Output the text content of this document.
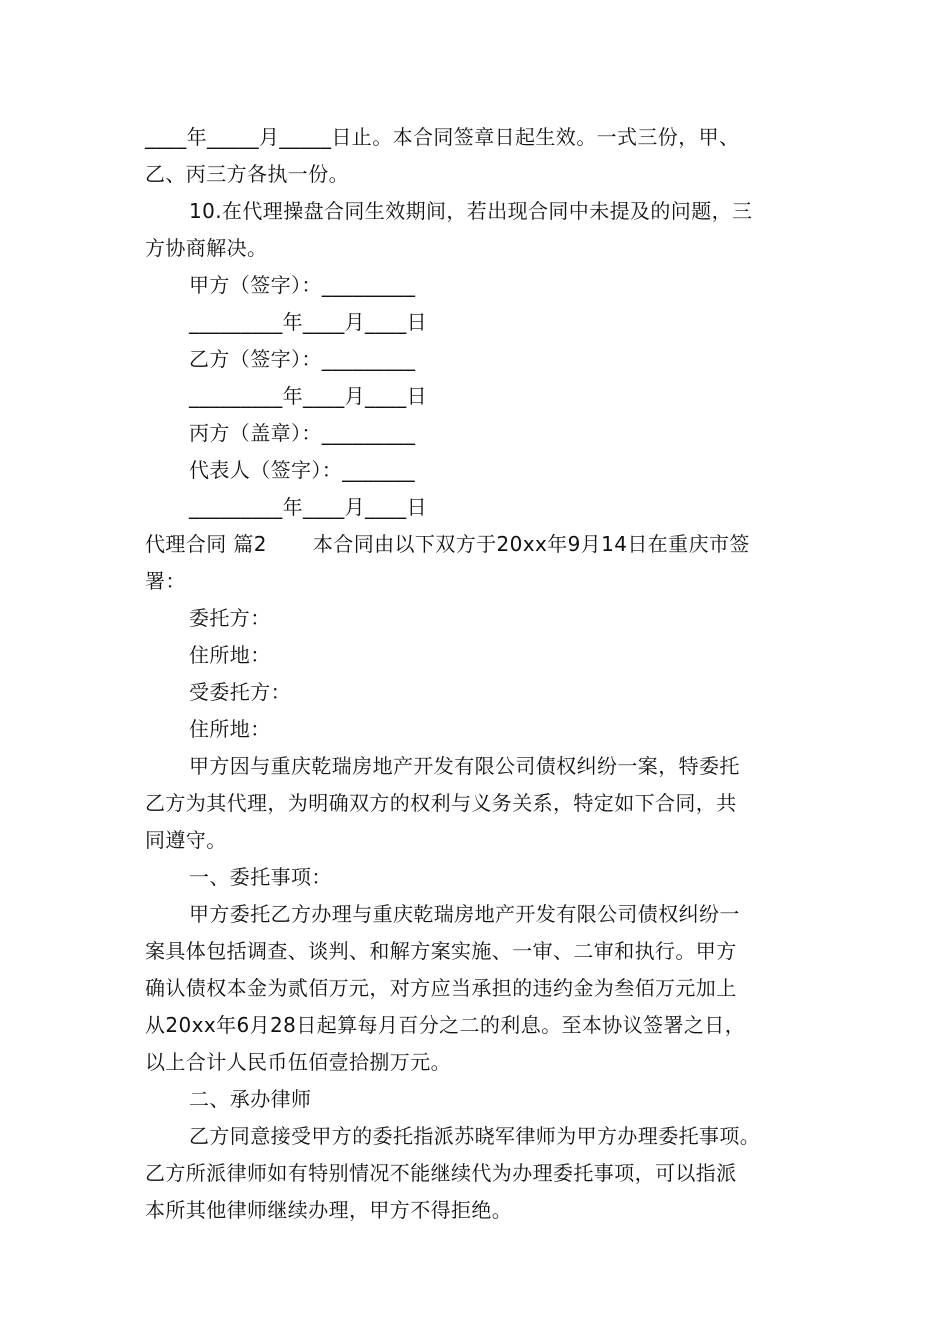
____年_____月_____日止。本合同签章日起生效。一式三份，甲、
乙、丙三方各执一份。
10.在代理操盘合同生效期间，若出现合同中未提及的问题，三
方协商解决。
甲方（签字）：_________
_________年____月____日
乙方（签字）：_________
_________年____月____日
丙方（盖章）：_________
代表人（签字）：_______
_________年____月____日
代理合同 篇2 本合同由以下双方于20xx年9月14日在重庆市签
署：
委托方：
住所地：
受委托方：
住所地：
甲方因与重庆乾瑞房地产开发有限公司债权纠纷一案，特委托
乙方为其代理，为明确双方的权利与义务关系，特定如下合同，共
同遵守。
一、委托事项：
甲方委托乙方办理与重庆乾瑞房地产开发有限公司债权纠纷一
案具体包括调查、谈判、和解方案实施、一审、二审和执行。甲方
确认债权本金为贰佰万元，对方应当承担的违约金为叁佰万元加上
从20xx年6月28日起算每月百分之二的利息。至本协议签署之日，
以上合计人民币伍佰壹拾捌万元。
二、承办律师
乙方同意接受甲方的委托指派苏晓军律师为甲方办理委托事项。
乙方所派律师如有特别情况不能继续代为办理委托事项，可以指派
本所其他律师继续办理，甲方不得拒绝。
